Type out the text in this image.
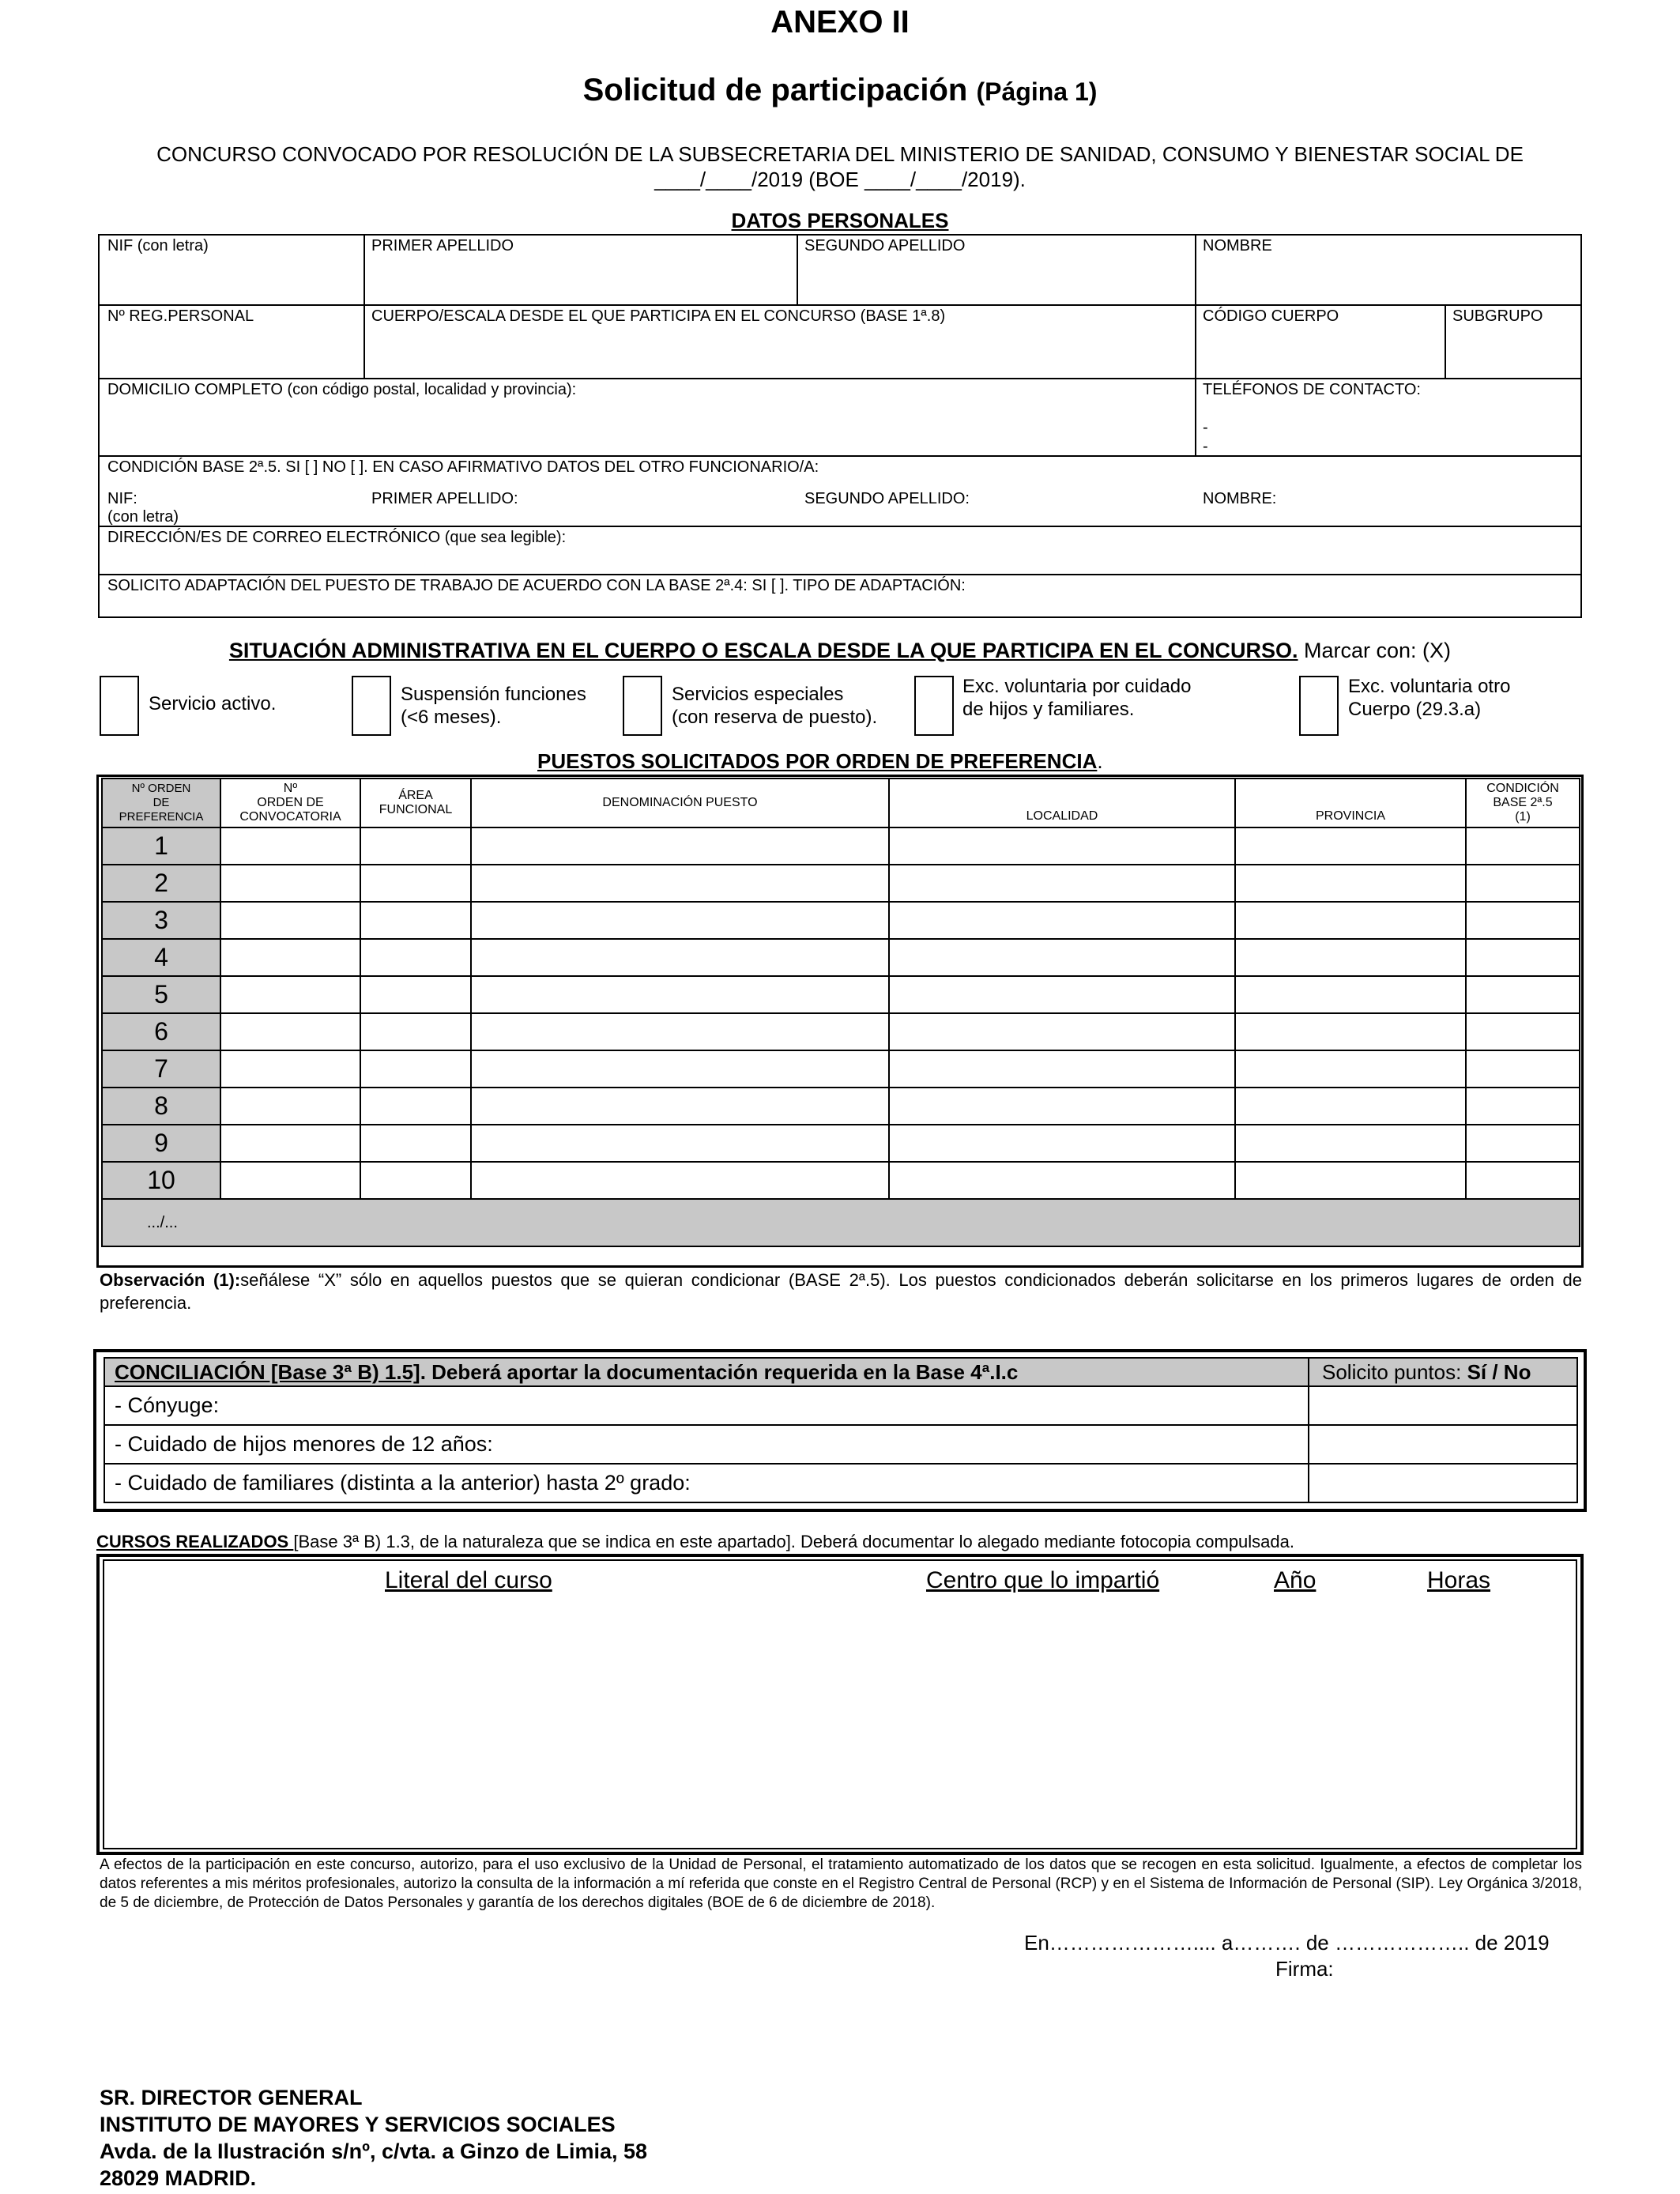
ANEXO II
Solicitud de participación (Página 1)
CONCURSO CONVOCADO POR RESOLUCIÓN DE LA SUBSECRETARIA DEL MINISTERIO DE SANIDAD, CONSUMO Y BIENESTAR SOCIAL DE
____/____/2019 (BOE ____/____/2019).
DATOS PERSONALES
NIF (con letra)	PRIMER APELLIDO	SEGUNDO APELLIDO	NOMBRE
Nº REG.PERSONAL	CUERPO/ESCALA DESDE EL QUE PARTICIPA EN EL CONCURSO (BASE 1ª.8)	CÓDIGO CUERPO	SUBGRUPO
DOMICILIO COMPLETO (con código postal, localidad y provincia):	TELÉFONOS DE CONTACTO:
-
-
CONDICIÓN BASE 2ª.5. SI [ ] NO [ ]. EN CASO AFIRMATIVO DATOS DEL OTRO FUNCIONARIO/A:
NIF:
(con letra)
PRIMER APELLIDO:	SEGUNDO APELLIDO:	NOMBRE:
DIRECCIÓN/ES DE CORREO ELECTRÓNICO (que sea legible):
SOLICITO ADAPTACIÓN DEL PUESTO DE TRABAJO DE ACUERDO CON LA BASE 2ª.4: SI [ ]. TIPO DE ADAPTACIÓN:
SITUACIÓN ADMINISTRATIVA EN EL CUERPO O ESCALA DESDE LA QUE PARTICIPA EN EL CONCURSO. Marcar con: (X)
Servicio activo.	Suspensión funciones
(<6 meses).
Servicios especiales
(con reserva de puesto).
Exc. voluntaria por cuidado
de hijos y familiares.
Exc. voluntaria otro
Cuerpo (29.3.a)
PUESTOS SOLICITADOS POR ORDEN DE PREFERENCIA.
Nº ORDEN
DE
PREFERENCIA	Nº
ORDEN DE
CONVOCATORIA	ÁREA
FUNCIONAL	DENOMINACIÓN PUESTO	LOCALIDAD	PROVINCIA	CONDICIÓN
BASE 2ª.5
(1)
1						
2						
3						
4						
5						
6						
7						
8						
9						
10						
.../...						
Observación (1):señálese “X” sólo en aquellos puestos que se quieran condicionar (BASE 2ª.5). Los puestos condicionados deberán solicitarse en los primeros lugares de orden de preferencia.
CONCILIACIÓN [Base 3ª B) 1.5]. Deberá aportar la documentación requerida en la Base 4ª.I.c	Solicito puntos: Sí / No
- Cónyuge:	
- Cuidado de hijos menores de 12 años:	
- Cuidado de familiares (distinta a la anterior) hasta 2º grado:	
CURSOS REALIZADOS [Base 3ª B) 1.3, de la naturaleza que se indica en este apartado]. Deberá documentar lo alegado mediante fotocopia compulsada.
Literal del curso	Centro que lo impartió	Año	Horas
A efectos de la participación en este concurso, autorizo, para el uso exclusivo de la Unidad de Personal, el tratamiento automatizado de los datos que se recogen en esta solicitud. Igualmente, a efectos de completar los datos referentes a mis méritos profesionales, autorizo la consulta de la información a mí referida que conste en el Registro Central de Personal (RCP) y en el Sistema de Información de Personal (SIP). Ley Orgánica 3/2018, de 5 de diciembre, de Protección de Datos Personales y garantía de los derechos digitales (BOE de 6 de diciembre de 2018).
En………………….... a………. de ……………….. de 2019
Firma:
SR. DIRECTOR GENERAL
INSTITUTO DE MAYORES Y SERVICIOS SOCIALES
Avda. de la Ilustración s/nº, c/vta. a Ginzo de Limia, 58
28029 MADRID.
